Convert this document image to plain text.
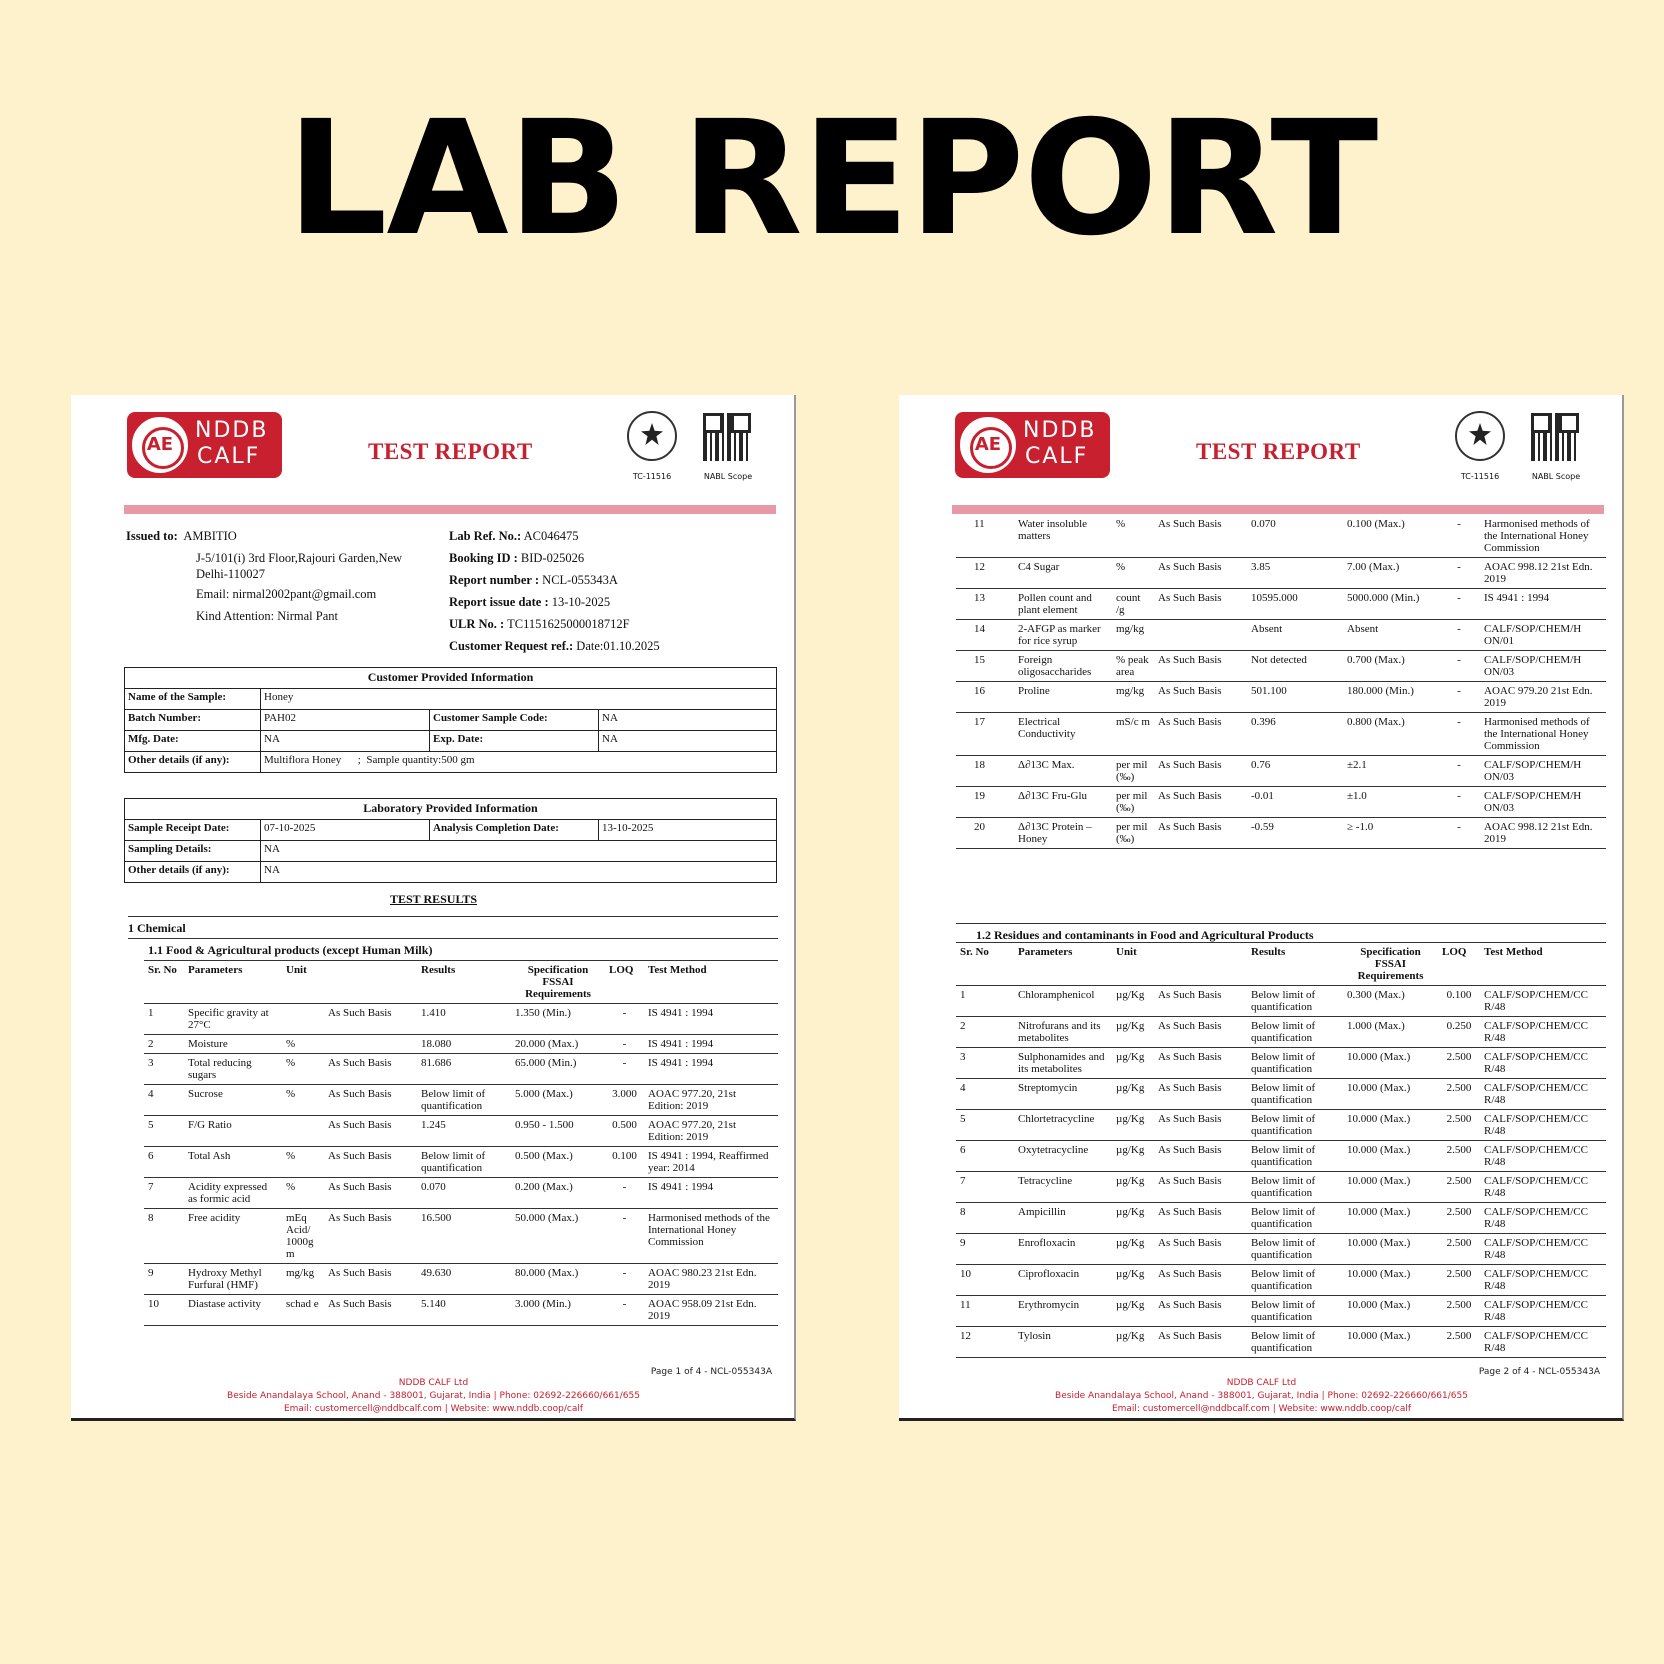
LAB REPORT
AE
NDDB
CALF	TEST REPORT
TC-11516	NABL Scope
Issued to: AMBITIO
J-5/101(i) 3rd Floor,Rajouri Garden,New
Delhi-110027
Email: nirmal2002pant@gmail.com
Kind Attention: Nirmal Pant
Lab Ref. No.: AC046475
Booking ID : BID-025026
Report number : NCL-055343A
Report issue date : 13-10-2025
ULR No. : TC1151625000018712F
Customer Request ref.: Date:01.10.2025
Customer Provided Information			
Name of the Sample:	Honey		
Batch Number:	PAH02	Customer Sample Code:	NA
Mfg. Date:	NA	Exp. Date:	NA
Other details (if any):	Multiflora Honey      ;  Sample quantity:500 gm		
Laboratory Provided Information			
Sample Receipt Date:	07-10-2025	Analysis Completion Date:	13-10-2025
Sampling Details:	NA		
Other details (if any):	NA		
TEST RESULTS
1 Chemical
1.1 Food & Agricultural products (except Human Milk)
Sr. No	Parameters	Unit		Results	Specification FSSAI Requirements	LOQ	Test Method
1	Specific gravity at 27°C		As Such Basis	1.410	1.350 (Min.)	-	IS 4941 : 1994
2	Moisture	%		18.080	20.000 (Max.)	-	IS 4941 : 1994
3	Total reducing sugars	%	As Such Basis	81.686	65.000 (Min.)	-	IS 4941 : 1994
4	Sucrose	%	As Such Basis	Below limit of quantification	5.000 (Max.)	3.000	AOAC 977.20, 21st Edition: 2019
5	F/G Ratio		As Such Basis	1.245	0.950 - 1.500	0.500	AOAC 977.20, 21st Edition: 2019
6	Total Ash	%	As Such Basis	Below limit of quantification	0.500 (Max.)	0.100	IS 4941 : 1994, Reaffirmed year: 2014
7	Acidity expressed as formic acid	%	As Such Basis	0.070	0.200 (Max.)	-	IS 4941 : 1994
8	Free acidity	mEq Acid/ 1000g m	As Such Basis	16.500	50.000 (Max.)	-	Harmonised methods of the International Honey Commission
9	Hydroxy Methyl Furfural (HMF)	mg/kg	As Such Basis	49.630	80.000 (Max.)	-	AOAC 980.23 21st Edn. 2019
10	Diastase activity	schad e	As Such Basis	5.140	3.000 (Min.)	-	AOAC 958.09 21st Edn. 2019
Page 1 of 4 - NCL-055343A
NDDB CALF Ltd
Beside Anandalaya School, Anand - 388001, Gujarat, India | Phone: 02692-226660/661/655
Email: customercell@nddbcalf.com | Website: www.nddb.coop/calf
AE
NDDB
CALF	TEST REPORT
TC-11516	NABL Scope
11	Water insoluble matters	%	As Such Basis	0.070	0.100 (Max.)	-	Harmonised methods of the International Honey Commission
12	C4 Sugar	%	As Such Basis	3.85	7.00 (Max.)	-	AOAC 998.12 21st Edn. 2019
13	Pollen count and plant element	count /g	As Such Basis	10595.000	5000.000 (Min.)	-	IS 4941 : 1994
14	2-AFGP as marker for rice syrup	mg/kg		Absent	Absent	-	CALF/SOP/CHEM/H ON/01
15	Foreign oligosaccharides	% peak area	As Such Basis	Not detected	0.700 (Max.)	-	CALF/SOP/CHEM/H ON/03
16	Proline	mg/kg	As Such Basis	501.100	180.000 (Min.)	-	AOAC 979.20 21st Edn. 2019
17	Electrical Conductivity	mS/c m	As Such Basis	0.396	0.800 (Max.)	-	Harmonised methods of the International Honey Commission
18	Δ∂13C Max.	per mil (‰)	As Such Basis	0.76	±2.1	-	CALF/SOP/CHEM/H ON/03
19	Δ∂13C Fru-Glu	per mil (‰)	As Such Basis	-0.01	±1.0	-	CALF/SOP/CHEM/H ON/03
20	Δ∂13C Protein – Honey	per mil (‰)	As Such Basis	-0.59	≥ -1.0	-	AOAC 998.12 21st Edn. 2019
1.2 Residues and contaminants in Food and Agricultural Products
Sr. No	Parameters	Unit		Results	Specification FSSAI Requirements	LOQ	Test Method
1	Chloramphenicol	µg/Kg	As Such Basis	Below limit of quantification	0.300 (Max.)	0.100	CALF/SOP/CHEM/CC R/48
2	Nitrofurans and its metabolites	µg/Kg	As Such Basis	Below limit of quantification	1.000 (Max.)	0.250	CALF/SOP/CHEM/CC R/48
3	Sulphonamides and its metabolites	µg/Kg	As Such Basis	Below limit of quantification	10.000 (Max.)	2.500	CALF/SOP/CHEM/CC R/48
4	Streptomycin	µg/Kg	As Such Basis	Below limit of quantification	10.000 (Max.)	2.500	CALF/SOP/CHEM/CC R/48
5	Chlortetracycline	µg/Kg	As Such Basis	Below limit of quantification	10.000 (Max.)	2.500	CALF/SOP/CHEM/CC R/48
6	Oxytetracycline	µg/Kg	As Such Basis	Below limit of quantification	10.000 (Max.)	2.500	CALF/SOP/CHEM/CC R/48
7	Tetracycline	µg/Kg	As Such Basis	Below limit of quantification	10.000 (Max.)	2.500	CALF/SOP/CHEM/CC R/48
8	Ampicillin	µg/Kg	As Such Basis	Below limit of quantification	10.000 (Max.)	2.500	CALF/SOP/CHEM/CC R/48
9	Enrofloxacin	µg/Kg	As Such Basis	Below limit of quantification	10.000 (Max.)	2.500	CALF/SOP/CHEM/CC R/48
10	Ciprofloxacin	µg/Kg	As Such Basis	Below limit of quantification	10.000 (Max.)	2.500	CALF/SOP/CHEM/CC R/48
11	Erythromycin	µg/Kg	As Such Basis	Below limit of quantification	10.000 (Max.)	2.500	CALF/SOP/CHEM/CC R/48
12	Tylosin	µg/Kg	As Such Basis	Below limit of quantification	10.000 (Max.)	2.500	CALF/SOP/CHEM/CC R/48
Page 2 of 4 - NCL-055343A
NDDB CALF Ltd
Beside Anandalaya School, Anand - 388001, Gujarat, India | Phone: 02692-226660/661/655
Email: customercell@nddbcalf.com | Website: www.nddb.coop/calf
